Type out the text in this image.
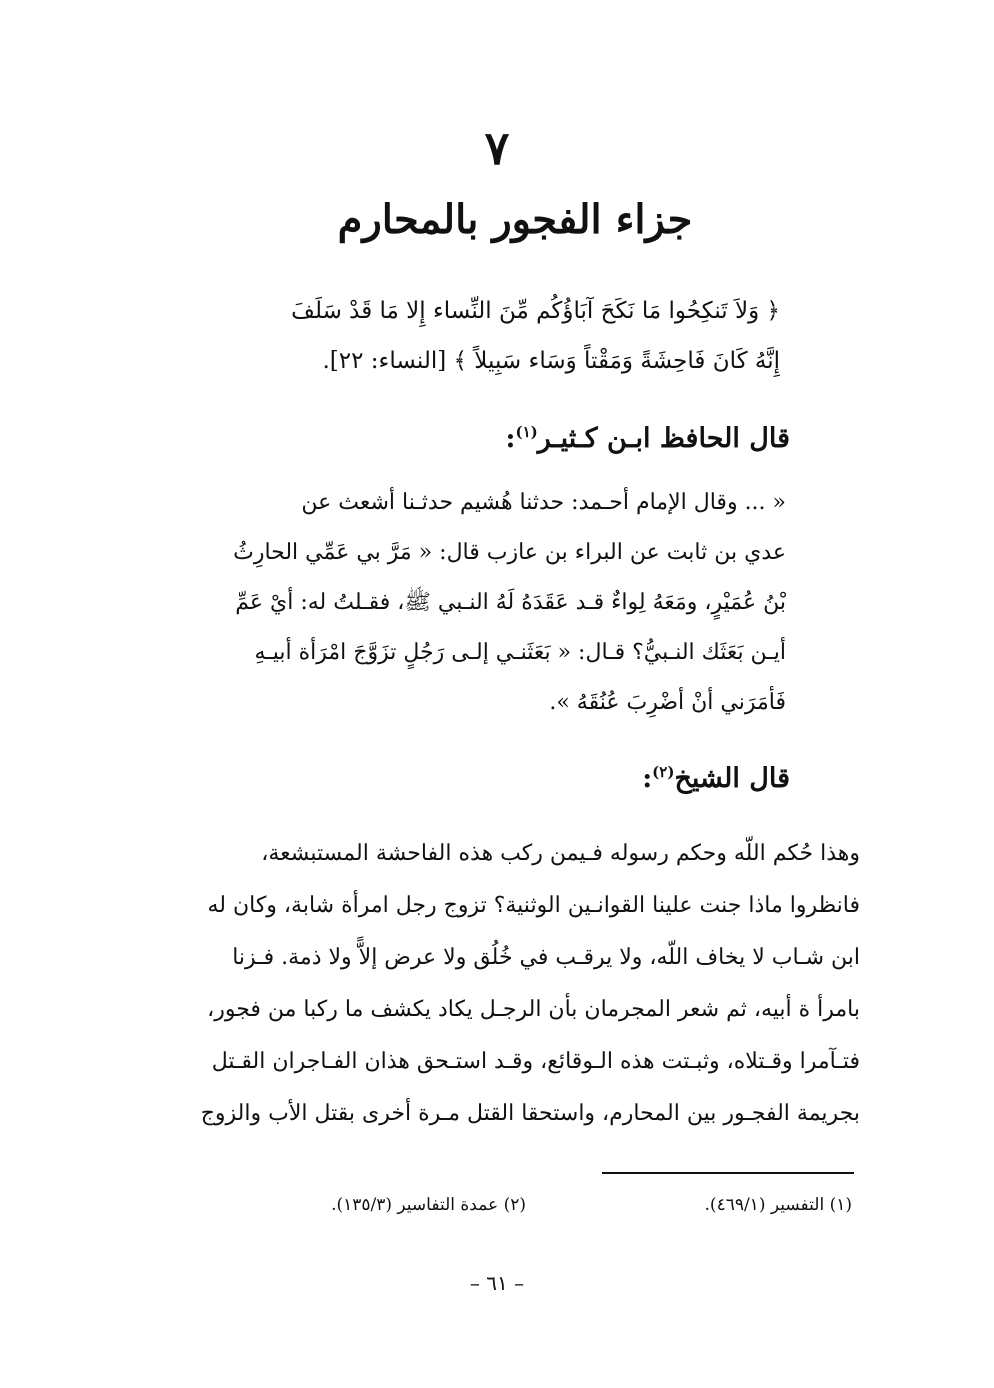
٧
جزاء الفجور بالمحارم
﴿ وَلاَ تَنكِحُوا مَا نَكَحَ آبَاؤُكُم مِّنَ النِّساء إِلا مَا قَدْ سَلَفَ
إِنَّهُ كَانَ فَاحِشَةً وَمَقْتاً وَسَاء سَبِيلاً ﴾ [النساء: ٢٢].
قال الحافظ ابـن كـثيـر$^{(١)}$:
« ... وقال الإمام أحـمد: حدثنا هُشيم حدثـنا أشعث عن
عدي بن ثابت عن البراء بن عازب قال: « مَرَّ بي عَمِّي الحارِثُ
بْنُ عُمَيْرٍ، ومَعَهُ لِواءٌ قـد عَقَدَهُ لَهُ النـبي ﷺ، فقـلتُ له: أيْ عَمِّ
أيـن بَعَثَك النـبيُّ؟ قـال: « بَعَثَنـي إلـى رَجُلٍ تزَوَّجَ امْرَأة أبيـهِ
فَأمَرَني أنْ أضْرِبَ عُنُقَهُ ».
قال الشيخ$^{(٢)}$:
وهذا حُكم اللّه وحكم رسوله فـيمن ركب هذه الفاحشة المستبشعة،
فانظروا ماذا جنت علينا القوانـين الوثنية؟ تزوج رجل امرأة شابة، وكان له
ابن شـاب لا يخاف اللّه، ولا يرقـب في خُلُق ولا عرض إلاًّ ولا ذمة. فـزنا
بامرأ ة أبيه، ثم شعر المجرمان بأن الرجـل يكاد يكشف ما ركبا من فجور،
فتـآمرا وقـتلاه، وثبـتت هذه الـوقائع، وقـد استـحق هذان الفـاجران القـتل
بجريمة الفجـور بين المحارم، واستحقا القتل مـرة أخرى بقتل الأب والزوج
(١) التفسير (٤٦٩/١).
(٢) عمدة التفاسير (١٣٥/٣).
– ٦١ –
